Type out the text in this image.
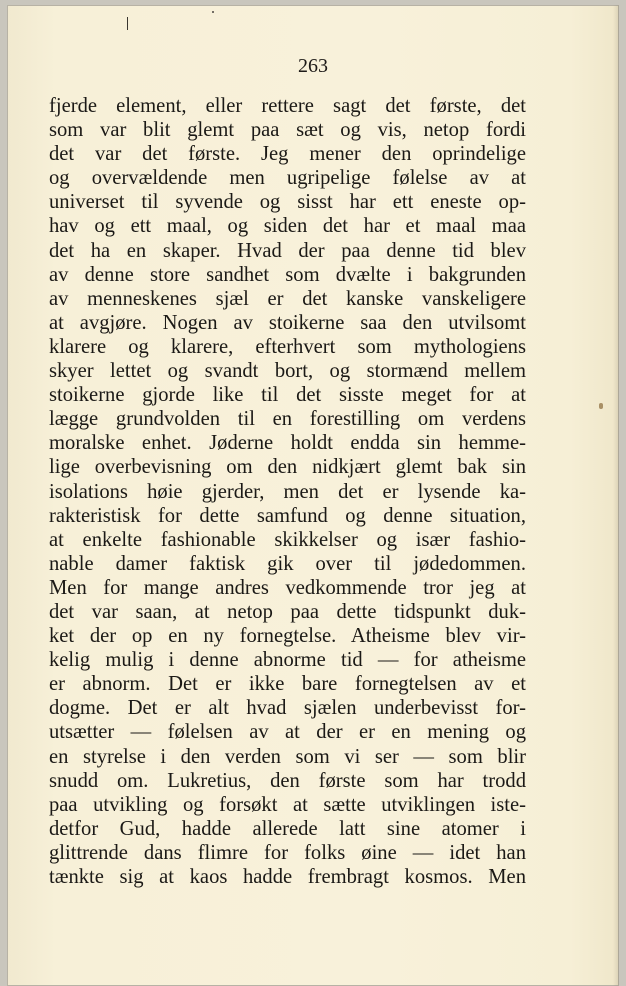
263
fjerde element, eller rettere sagt det første, det
som var blit glemt paa sæt og vis, netop fordi
det var det første. Jeg mener den oprindelige
og overvældende men ugripelige følelse av at
universet til syvende og sisst har ett eneste op-
hav og ett maal, og siden det har et maal maa
det ha en skaper. Hvad der paa denne tid blev
av denne store sandhet som dvælte i bakgrunden
av menneskenes sjæl er det kanske vanskeligere
at avgjøre. Nogen av stoikerne saa den utvilsomt
klarere og klarere, efterhvert som mythologiens
skyer lettet og svandt bort, og stormænd mellem
stoikerne gjorde like til det sisste meget for at
lægge grundvolden til en forestilling om verdens
moralske enhet. Jøderne holdt endda sin hemme-
lige overbevisning om den nidkjært glemt bak sin
isolations høie gjerder, men det er lysende ka-
rakteristisk for dette samfund og denne situation,
at enkelte fashionable skikkelser og især fashio-
nable damer faktisk gik over til jødedommen.
Men for mange andres vedkommende tror jeg at
det var saan, at netop paa dette tidspunkt duk-
ket der op en ny fornegtelse. Atheisme blev vir-
kelig mulig i denne abnorme tid — for atheisme
er abnorm. Det er ikke bare fornegtelsen av et
dogme. Det er alt hvad sjælen underbevisst for-
utsætter — følelsen av at der er en mening og
en styrelse i den verden som vi ser — som blir
snudd om. Lukretius, den første som har trodd
paa utvikling og forsøkt at sætte utviklingen iste-
detfor Gud, hadde allerede latt sine atomer i
glittrende dans flimre for folks øine — idet han
tænkte sig at kaos hadde frembragt kosmos. Men
